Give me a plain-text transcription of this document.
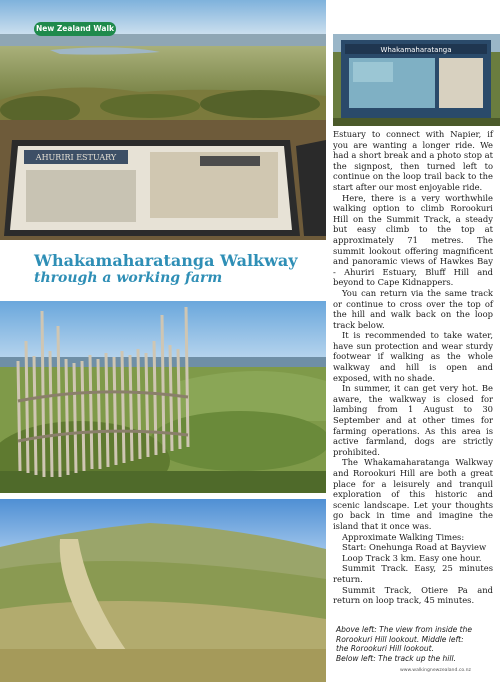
AHURIRI ESTUARY
New Zealand Walk
Whakamaharatanga
Whakamaharatanga Walkway
through a working farm

Estuary to connect with Napier, if you are wanting a longer ride. We had a short break and a photo stop at the signpost, then turned left to continue on the loop trail back to the start after our most enjoyable ride.

Here, there is a very worthwhile walking option to climb Rorookuri Hill on the Summit Track, a steady but easy climb to the top at approximately 71 metres. The summit lookout offering magnificent and panoramic views of Hawkes Bay - Ahuriri Estuary, Bluff Hill and beyond to Cape Kidnappers.

You can return via the same track or continue to cross over the top of the hill and walk back on the loop track below.

It is recommended to take water, have sun protection and wear sturdy footwear if walking as the whole walkway and hill is open and exposed, with no shade.

In summer, it can get very hot. Be aware, the walkway is closed for lambing from 1 August to 30 September and at other times for farming operations. As this area is active farmland, dogs are strictly prohibited.

The Whakamaharatanga Walkway and Rorookuri Hill are both a great place for a leisurely and tranquil exploration of this historic and scenic landscape. Let your thoughts go back in time and imagine the island that it once was.

Approximate Walking Times:

Start: Onehunga Road at Bayview

Loop Track 3 km. Easy one hour.

Summit Track. Easy, 25 minutes return.

Summit Track, Otiere Pa and return on loop track, 45 minutes.

Above left: The view from inside the
Rorookuri Hill lookout. Middle left:
the Rorookuri Hill lookout.
Below left: The track up the hill.
www.walkingnewzealand.co.nz
